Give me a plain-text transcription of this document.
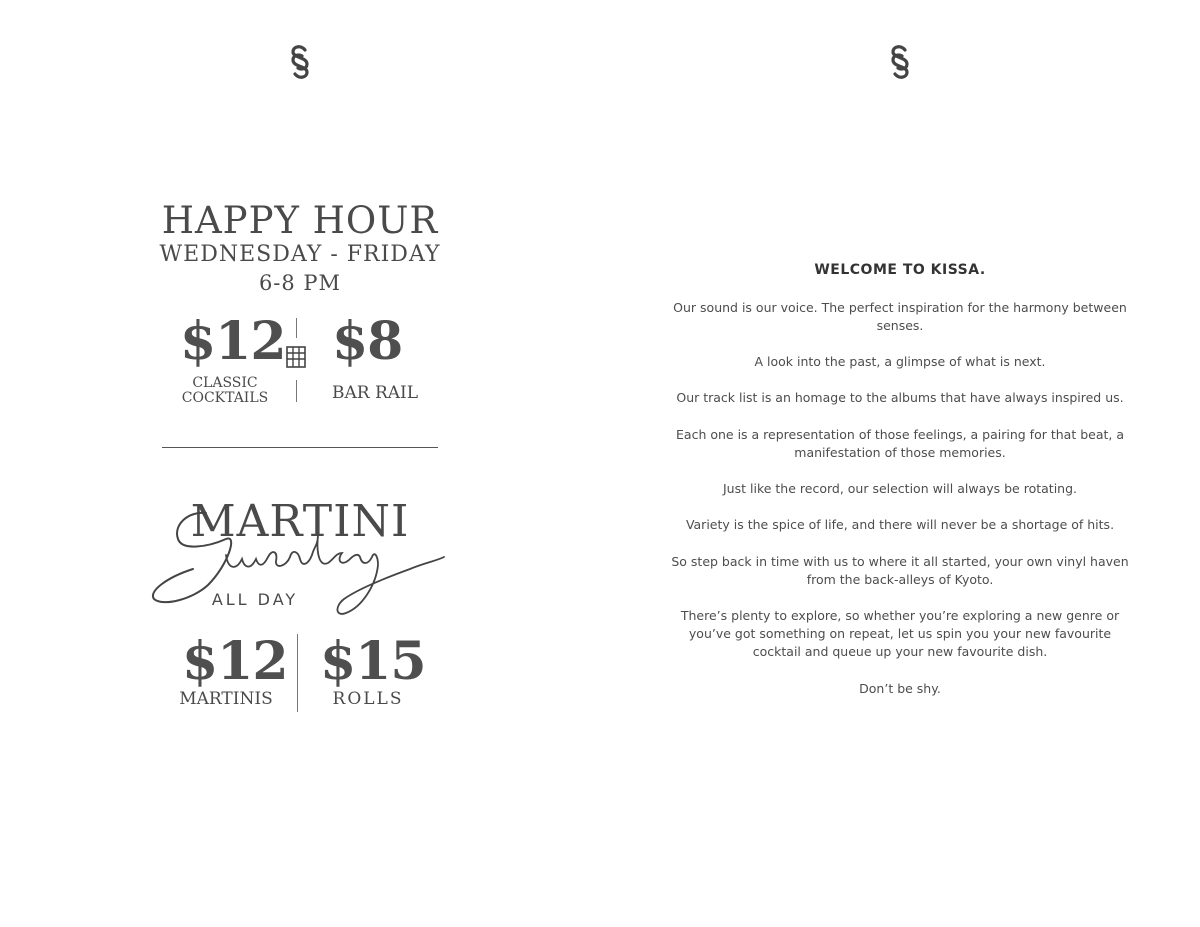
HAPPY HOUR
WEDNESDAY - FRIDAY
6-8 PM
$12
CLASSIC
COCKTAILS
$8
BAR RAIL
MARTINI
ALL DAY
$12
MARTINIS
$15
ROLLS
WELCOME TO KISSA.

Our sound is our voice. The perfect inspiration for the harmony between senses.

A look into the past, a glimpse of what is next.

Our track list is an homage to the albums that have always inspired us.

Each one is a representation of those feelings, a pairing for that beat, a manifestation of those memories.

Just like the record, our selection will always be rotating.

Variety is the spice of life, and there will never be a shortage of hits.

So step back in time with us to where it all started, your own vinyl haven from the back-alleys of Kyoto.

There’s plenty to explore, so whether you’re exploring a new genre or you’ve got something on repeat, let us spin you your new favourite cocktail and queue up your new favourite dish.

Don’t be shy.
